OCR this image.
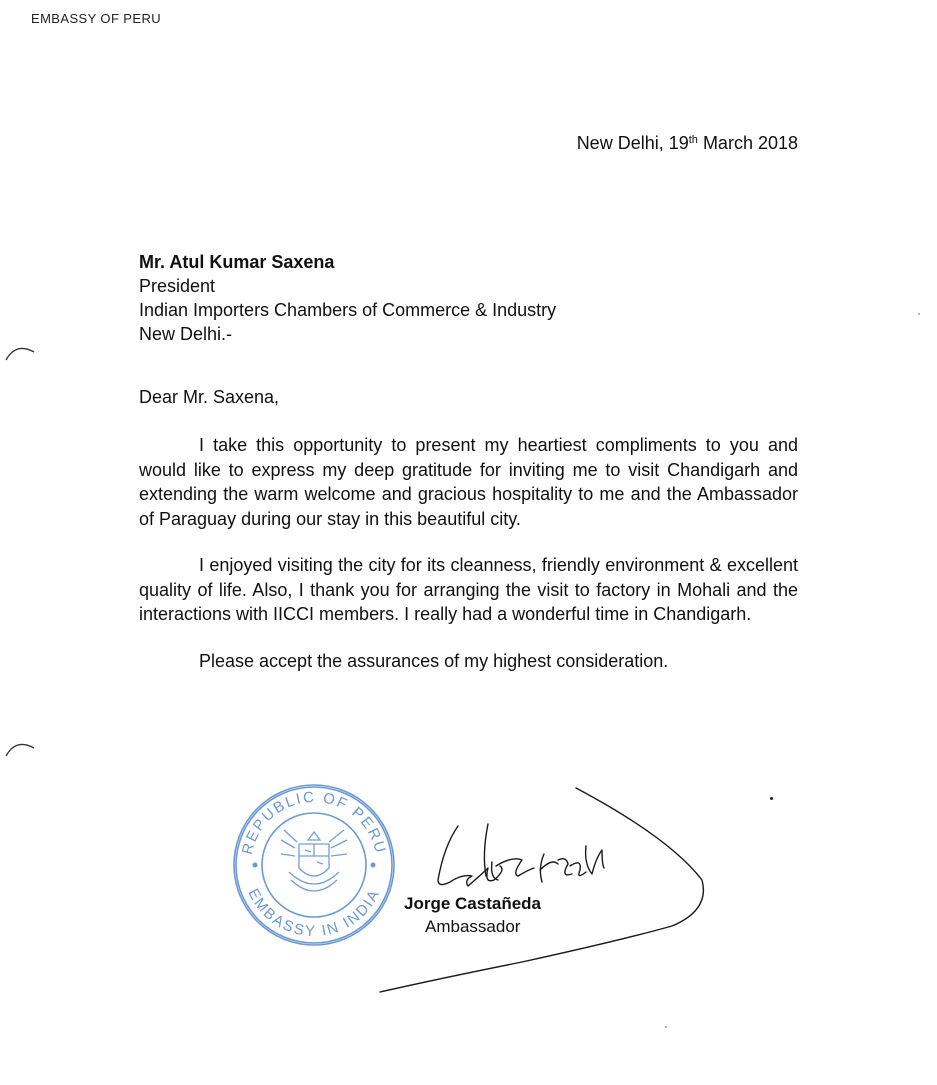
EMBASSY OF PERU
New Delhi, 19th March 2018
Mr. Atul Kumar Saxena
President
Indian Importers Chambers of Commerce & Industry
New Delhi.-
Dear Mr. Saxena,

I take this opportunity to present my heartiest compliments to you and would like to express my deep gratitude for inviting me to visit Chandigarh and extending the warm welcome and gracious hospitality to me and the Ambassador of Paraguay during our stay in this beautiful city.

I enjoyed visiting the city for its cleanness, friendly environment & excellent quality of life. Also, I thank you for arranging the visit to factory in Mohali and the interactions with IICCI members. I really had a wonderful time in Chandigarh.

Please accept the assurances of my highest consideration.

REPUBLIC OF PERU
EMBASSY IN INDIA Jorge Castañeda
Ambassador
